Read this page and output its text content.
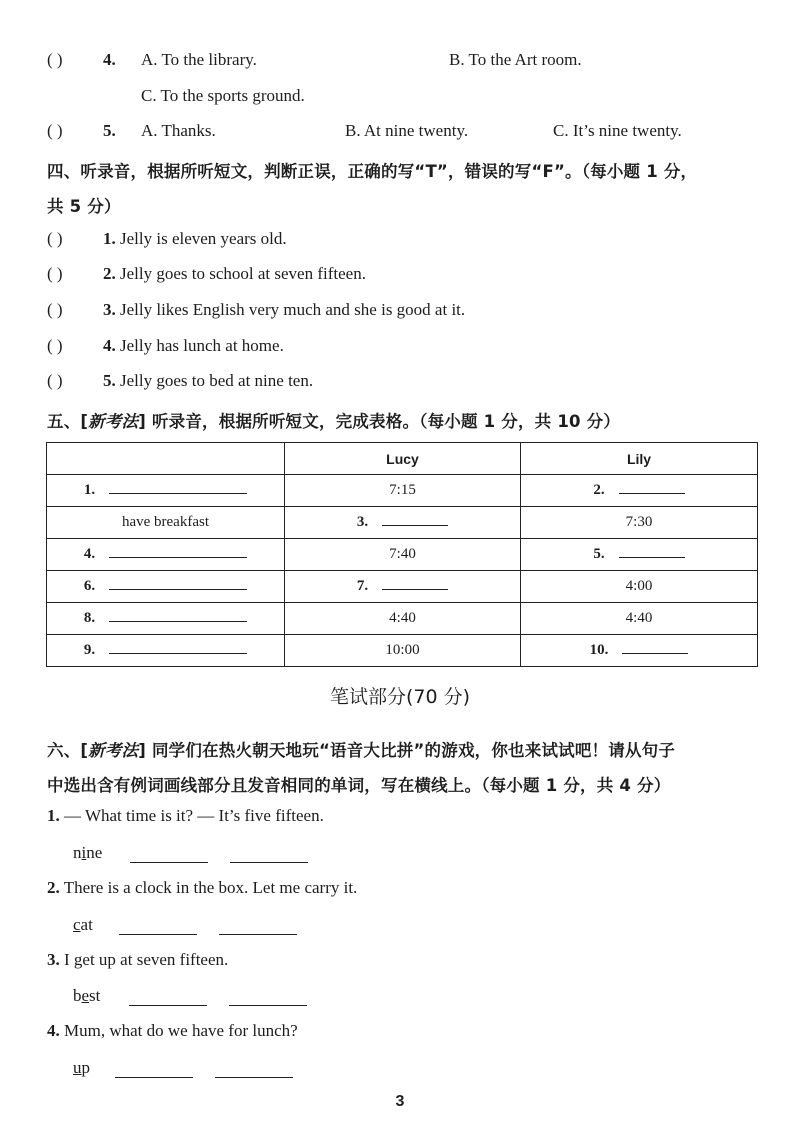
( ) 4. A. To the library.	B. To the Art room.
C. To the sports ground.
( ) 5. A. Thanks.	B. At nine twenty.	C. It’s nine twenty.
四、听录音，根据所听短文，判断正误，正确的写“T”，错误的写“F”。（每小题 1 分，
共 5 分）
( ) 1. Jelly is eleven years old.
( ) 2. Jelly goes to school at seven fifteen.
( ) 3. Jelly likes English very much and she is good at it.
( ) 4. Jelly has lunch at home.
( ) 5. Jelly goes to bed at nine ten.
五、[新考法] 听录音，根据所听短文，完成表格。（每小题 1 分，共 10 分）
	Lucy	Lily
1.	7:15	2.
have breakfast	3.	7:30
4.	7:40	5.
6.	7.	4:00
8.	4:40	4:40
9.	10:00	10.
笔试部分(70 分)
六、[新考法] 同学们在热火朝天地玩“语音大比拼”的游戏，你也来试试吧！请从句子
中选出含有例词画线部分且发音相同的单词，写在横线上。（每小题 1 分，共 4 分）
1. — What time is it? — It’s five fifteen.
nine
2. There is a clock in the box. Let me carry it.
cat
3. I get up at seven fifteen.
best
4. Mum, what do we have for lunch?
up
3
